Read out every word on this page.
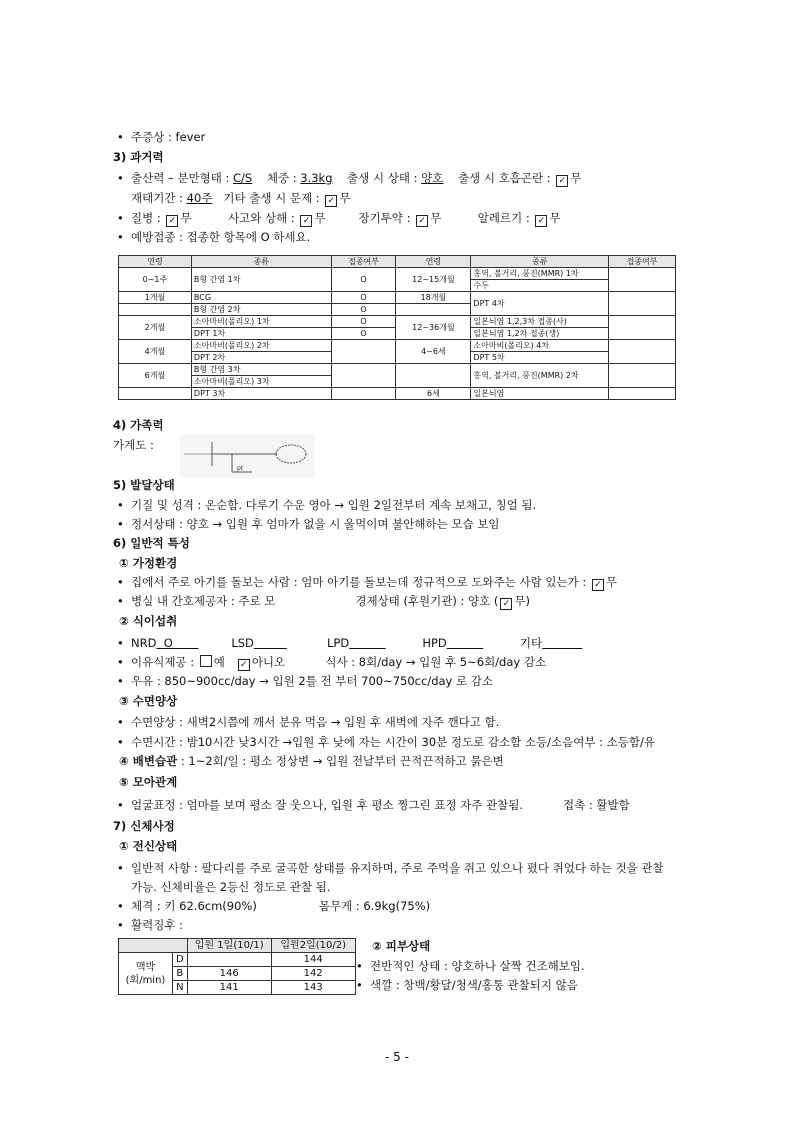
• 주증상 : fever
3) 과거력
• 출산력 – 분만형태 : C/S 체중 : 3.3kg 출생 시 상태 : 양호 출생 시 호흡곤란 : ✓ 무
재태기간 : 40주 기타 출생 시 문제 : ✓ 무
• 질병 : ✓ 무	사고와 상해 : ✓ 무	장기투약 : ✓ 무	알레르기 : ✓ 무
• 예방접종 : 접종한 항목에 O 하세요.
연령	종류	접종여부	연령	종류	접종여부
0~1주	B형 간염 1차	O	12~15개월	홍역, 볼거리, 풍진(MMR) 1차	
				수두	
1개월	BCG	O	18개월	DPT 4차	
	B형 간염 2차	O			
2개월	소아마비(폴리오) 1차	O	12~36개월	일본뇌염 1,2,3차 접종(사)	
	DPT 1차	O		일본뇌염 1,2차 접종(생)	
4개월	소아마비(폴리오) 2차		4~6세	소아마비(폴리오) 4차	
	DPT 2차			DPT 5차	
6개월	B형 간염 3차			홍역, 볼거리, 풍진(MMR) 2차	
	소아마비(폴리오) 3차				
	DPT 3차		6세	일본뇌염	
4) 가족력
가계도 :
pt
5) 발달상태
• 기질 및 성격 : 온순함. 다루기 수운 영아 → 입원 2일전부터 계속 보채고, 칭얼 됨.
• 정서상태 : 양호 → 입원 후 엄마가 없을 시 울먹이며 불안해하는 모습 보임
6) 일반적 특성
① 가정환경
• 집에서 주로 아기를 돌보는 사람 : 엄마 아기를 돌보는데 정규적으로 도와주는 사람 있는가 : ✓ 무
• 병실 내 간호제공자 : 주로 모	경제상태 (후원기관) : 양호 ( ✓ 무)
② 식이섭취
• NRD O	LSD	LPD	HPD	기타
• 이유식제공 : 예   ✓ 아니오	식사 : 8회/day → 입원 후 5~6회/day 감소
• 우유 : 850~900cc/day → 입원 2틀 전 부터 700~750cc/day 로 감소
③ 수면양상
• 수면양상 : 새벽2시쯤에 깨서 분유 먹음 → 입원 후 새벽에 자주 깬다고 함.
• 수면시간 : 밤10시간 낮3시간 →입원 후 낮에 자는 시간이 30분 정도로 감소함 소등/소음여부 : 소등함/유
④ 배변습관 : 1~2회/일 : 평소 정상변 → 입원 전날부터 끈적끈적하고 묽은변
⑤ 모아관계
• 얼굴표정 : 엄마를 보며 평소 잘 웃으나, 입원 후 평소 찡그린 표정 자주 관찰됨.	접촉 : 활발함
7) 신체사정
① 전신상태
• 일반적 사항 : 팔다리를 주로 굴곡한 상태를 유지하며, 주로 주먹을 쥐고 있으나 폈다 쥐었다 하는 것을 관찰
가능. 신체비율은 2등신 정도로 관찰 됨.
• 체격 : 키 62.6cm(90%)	몸무게 : 6.9kg(75%)
• 활력징후 :
		입원 1일(10/1)	입원2일(10/2)
맥박
(회/min)	D		144
	B	146	142
	N	141	143
② 피부상태
• 전반적인 상태 : 양호하나 살짝 건조해보임.
• 색깔 : 창백/황달/청색/홍통 관찰되지 않음
- 5 -
